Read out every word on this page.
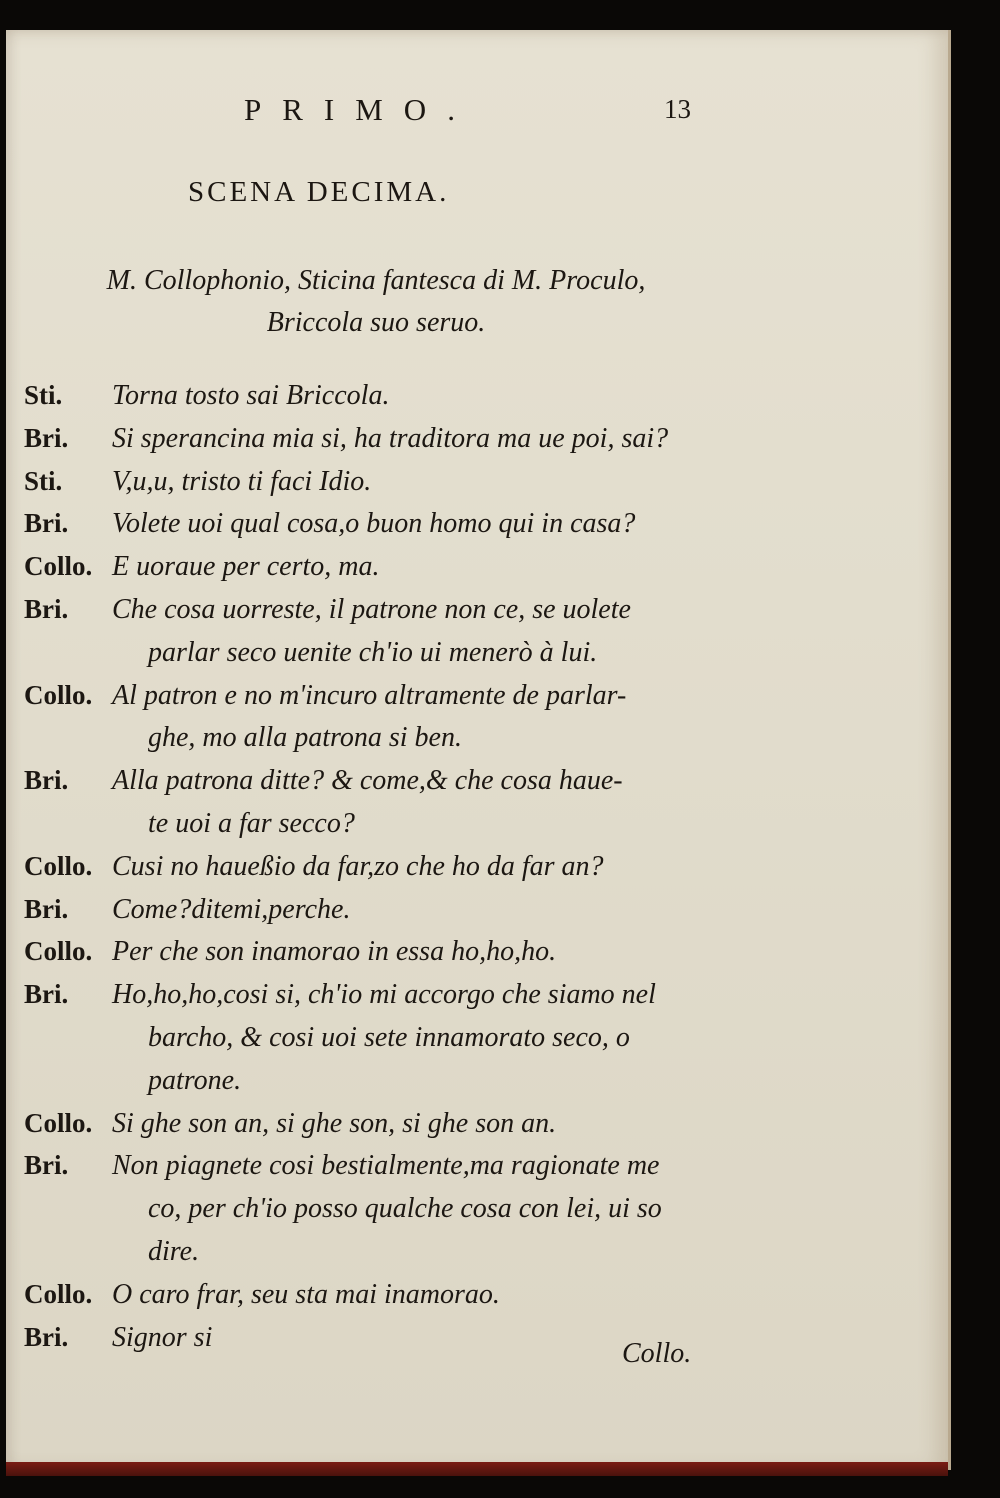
PRIMO.	13
SCENA DECIMA.
M. Collophonio, Sticina fantesca di M. Proculo,
Briccola suo seruo.
Sti. Torna tosto sai Briccola.
Bri. Si sperancina mia si, ha traditora ma ue poi, sai?
Sti. V,u,u, tristo ti faci Idio.
Bri. Volete uoi qual cosa,o buon homo qui in casa?
Collo. E uoraue per certo, ma.
Bri. Che cosa uorreste, il patrone non ce, se uolete
parlar seco uenite ch'io ui menerò à lui.
Collo. Al patron e no m'incuro altramente de parlar-
ghe, mo alla patrona si ben.
Bri. Alla patrona ditte? & come,& che cosa haue-
te uoi a far secco?
Collo. Cusi no haueßio da far,zo che ho da far an?
Bri. Come?ditemi,perche.
Collo. Per che son inamorao in essa ho,ho,ho.
Bri. Ho,ho,ho,cosi si, ch'io mi accorgo che siamo nel
barcho, & cosi uoi sete innamorato seco, o
patrone.
Collo. Si ghe son an, si ghe son, si ghe son an.
Bri. Non piagnete cosi bestialmente,ma ragionate me
co, per ch'io posso qualche cosa con lei, ui so
dire.
Collo. O caro frar, seu sta mai inamorao.
Bri. Signor si
Collo.
